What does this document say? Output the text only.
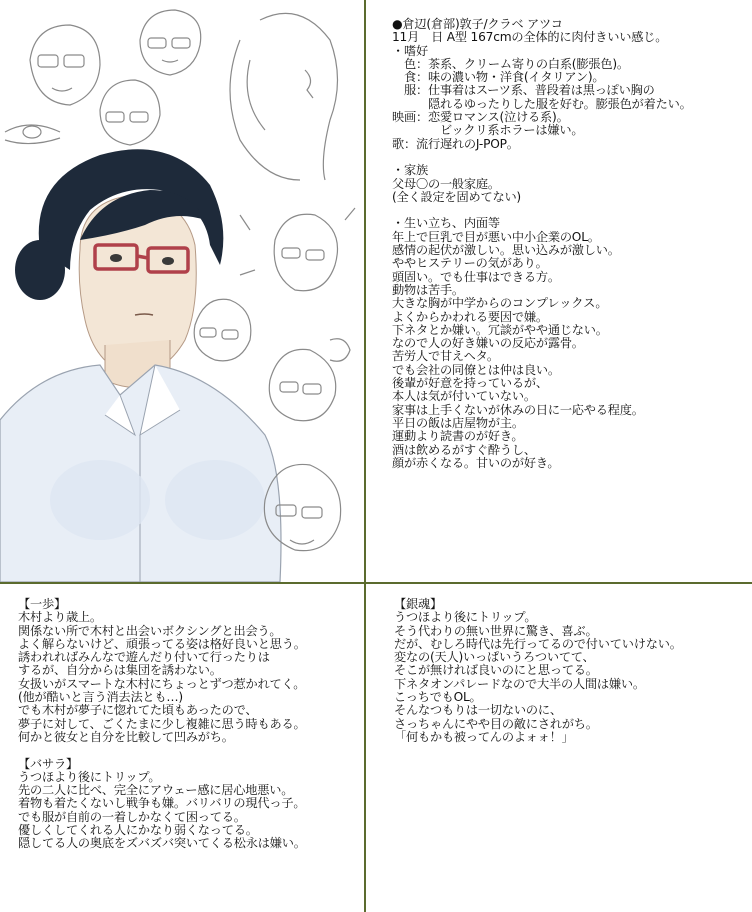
●倉辺(倉部)敦子/クラベ アツコ
11月　日 A型 167cmの全体的に肉付きいい感じ。
・嗜好
　色：茶系、クリーム寄りの白系(膨張色)。
　食：味の濃い物・洋食(イタリアン)。
　服：仕事着はスーツ系、普段着は黒っぽい胸の
　　　隠れるゆったりした服を好む。膨張色が着たい。
映画：恋愛ロマンス(泣ける系)。
　　　　ビックリ系ホラーは嫌い。
歌：流行遅れのJ-POP。

・家族
父母〇の一般家庭。
(全く設定を固めてない)

・生い立ち、内面等
年上で巨乳で目が悪い中小企業のOL。
感情の起伏が激しい。思い込みが激しい。
ややヒステリーの気があり。
頭固い。でも仕事はできる方。
動物は苦手。
大きな胸が中学からのコンプレックス。
よくからかわれる要因で嫌。
下ネタとか嫌い。冗談がやや通じない。
なので人の好き嫌いの反応が露骨。
苦労人で甘えヘタ。
でも会社の同僚とは仲は良い。
後輩が好意を持っているが、
本人は気が付いていない。
家事は上手くないが休みの日に一応やる程度。
平日の飯は店屋物が主。
運動より読書のが好き。
酒は飲めるがすぐ酔うし、
顔が赤くなる。甘いのが好き。
【一歩】
木村より歳上。
関係ない所で木村と出会いボクシングと出会う。
よく解らないけど、頑張ってる姿は格好良いと思う。
誘われればみんなで遊んだり付いて行ったりは
するが、自分からは集団を誘わない。
女扱いがスマートな木村にちょっとずつ惹かれてく。
(他が酷いと言う消去法とも…)
でも木村が夢子に惚れてた頃もあったので、
夢子に対して、ごくたまに少し複雑に思う時もある。
何かと彼女と自分を比較して凹みがち。

【バサラ】
うつほより後にトリップ。
先の二人に比べ、完全にアウェー感に居心地悪い。
着物も着たくないし戦争も嫌。バリバリの現代っ子。
でも服が自前の一着しかなくて困ってる。
優しくしてくれる人にかなり弱くなってる。
隠してる人の奥底をズバズバ突いてくる松永は嫌い。
【銀魂】
うつほより後にトリップ。
そう代わりの無い世界に驚き、喜ぶ。
だが、むしろ時代は先行ってるので付いていけない。
変なの(天人)いっぱいうろついてて、
そこが無ければ良いのにと思ってる。
下ネタオンパレードなので大半の人間は嫌い。
こっちでもOL。
そんなつもりは一切ないのに、
さっちゃんにやや目の敵にされがち。
「何もかも被ってんのよォォ！」
